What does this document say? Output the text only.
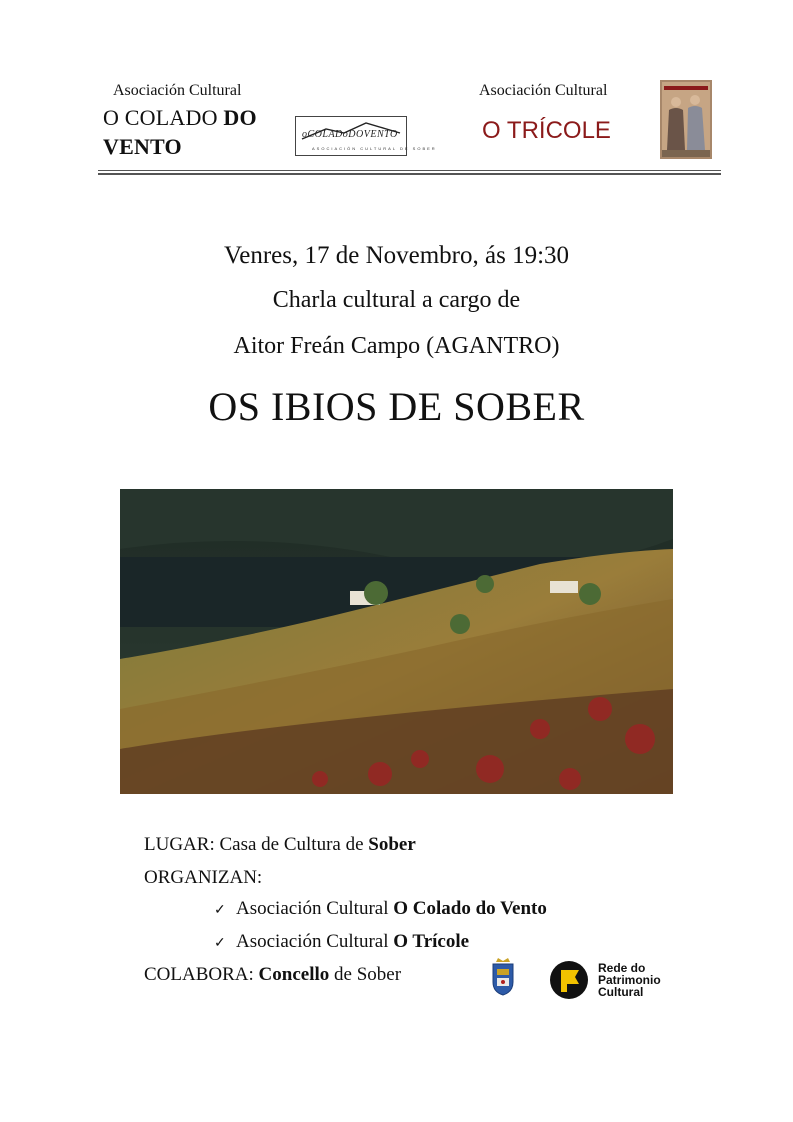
Asociación Cultural
O COLADO DO
VENTO	oCOLADoDOVENTO
ASOCIACIÓN CULTURAL DE SOBER
Asociación Cultural
O TRÍCOLE
Venres, 17 de Novembro, ás 19:30
Charla cultural a cargo de
Aitor Freán Campo (AGANTRO)
OS IBIOS DE SOBER
LUGAR: Casa de Cultura de Sober
ORGANIZAN:
✓ Asociación Cultural O Colado do Vento
✓ Asociación Cultural O Trícole
COLABORA: Concello de Sober	Rede do
Patrimonio
Cultural
